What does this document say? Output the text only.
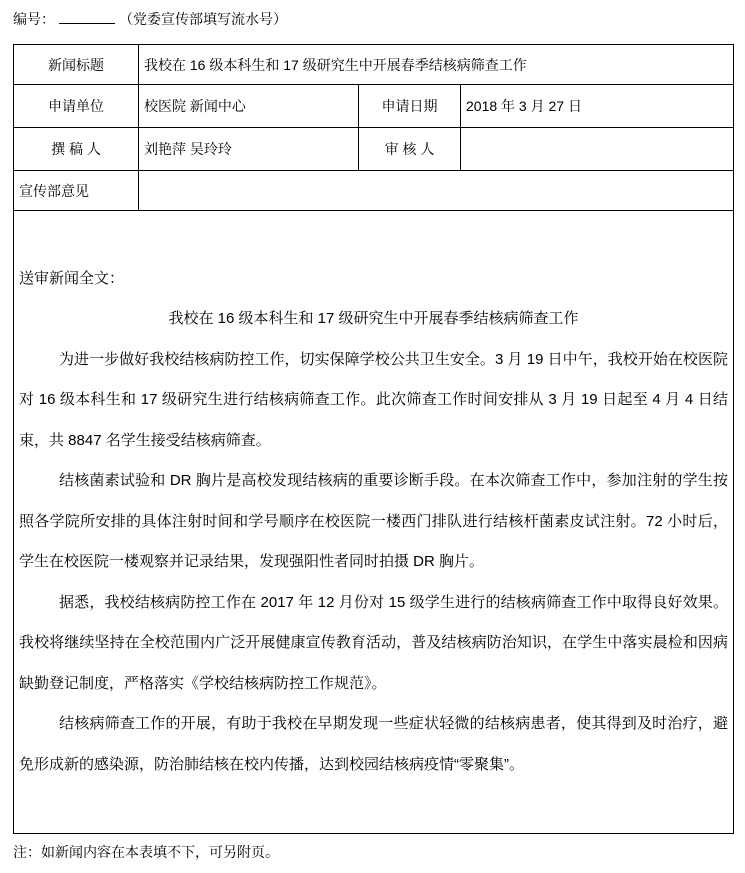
编号：	（党委宣传部填写流水号）
新闻标题	我校在 16 级本科生和 17 级研究生中开展春季结核病筛查工作		
申请单位	校医院 新闻中心	申请日期	2018 年 3 月 27 日
撰 稿 人	刘艳萍 吴玲玲	审 核 人	
宣传部意见			

送审新闻全文：
我校在 16 级本科生和 17 级研究生中开展春季结核病筛查工作

为进一步做好我校结核病防控工作，切实保障学校公共卫生安全。3 月 19 日中午，我校开始在校医院对 16 级本科生和 17 级研究生进行结核病筛查工作。此次筛查工作时间安排从 3 月 19 日起至 4 月 4 日结束，共 8847 名学生接受结核病筛查。

结核菌素试验和 DR 胸片是高校发现结核病的重要诊断手段。在本次筛查工作中，参加注射的学生按照各学院所安排的具体注射时间和学号顺序在校医院一楼西门排队进行结核杆菌素皮试注射。72 小时后，学生在校医院一楼观察并记录结果，发现强阳性者同时拍摄 DR 胸片。

据悉，我校结核病防控工作在 2017 年 12 月份对 15 级学生进行的结核病筛查工作中取得良好效果。我校将继续坚持在全校范围内广泛开展健康宣传教育活动，普及结核病防治知识，在学生中落实晨检和因病缺勤登记制度，严格落实《学校结核病防控工作规范》。

结核病筛查工作的开展，有助于我校在早期发现一些症状轻微的结核病患者，使其得到及时治疗，避免形成新的感染源，防治肺结核在校内传播，达到校园结核病疫情“零聚集”。

注：如新闻内容在本表填不下，可另附页。
